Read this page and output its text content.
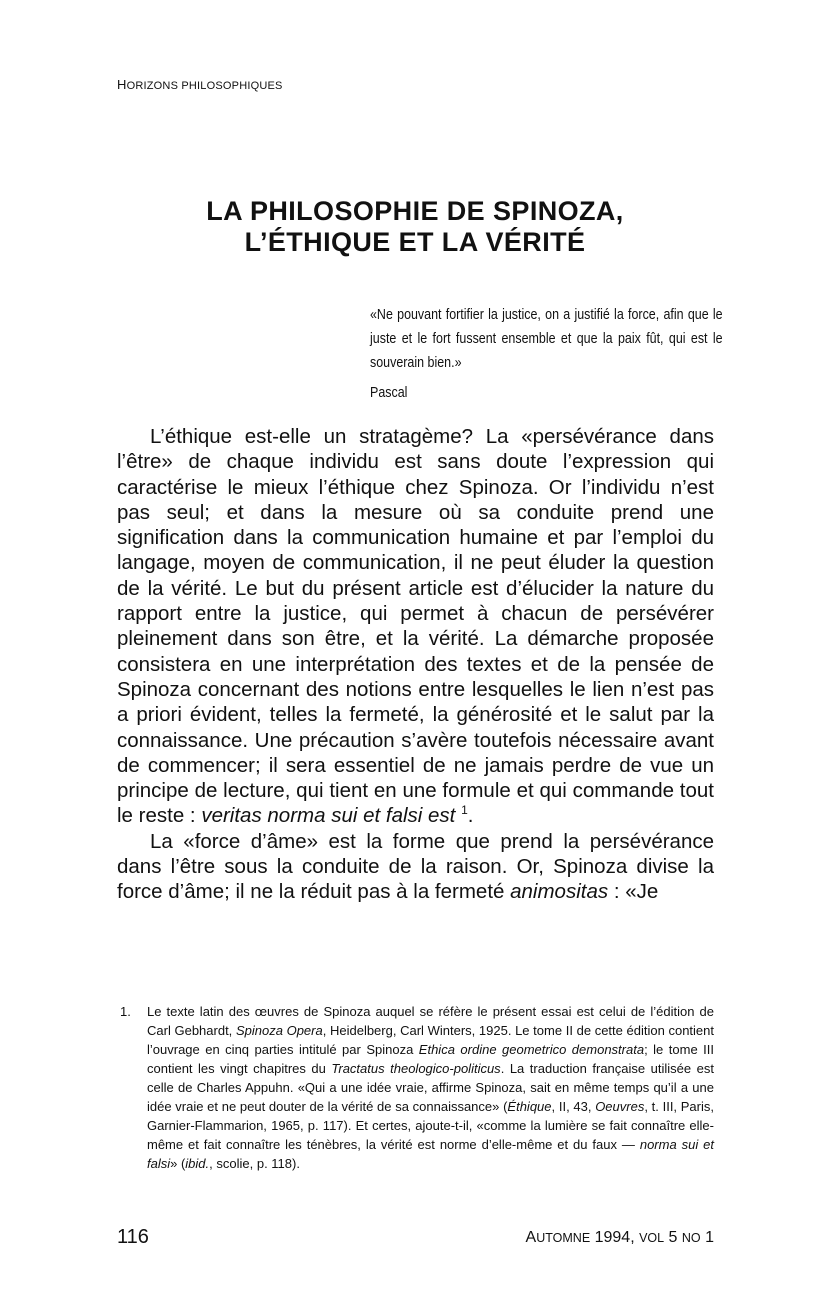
HORIZONS PHILOSOPHIQUES
LA PHILOSOPHIE DE SPINOZA,
L’ÉTHIQUE ET LA VÉRITÉ
«Ne pouvant fortifier la justice, on a justifié la force, afin que le juste et le fort fussent ensemble et que la paix fût, qui est le souverain bien.»
Pascal

L’éthique est-elle un stratagème? La «persévérance dans l’être» de chaque individu est sans doute l’expression qui caractérise le mieux l’éthique chez Spinoza. Or l’individu n’est pas seul; et dans la mesure où sa conduite prend une signification dans la communication humaine et par l’emploi du langage, moyen de communication, il ne peut éluder la question de la vérité. Le but du présent article est d’élucider la nature du rapport entre la justice, qui permet à chacun de persévérer pleinement dans son être, et la vérité. La démarche proposée consistera en une interprétation des textes et de la pensée de Spinoza concernant des notions entre lesquelles le lien n’est pas a priori évident, telles la fermeté, la générosité et le salut par la connaissance. Une précaution s’avère toutefois nécessaire avant de commencer; il sera essentiel de ne jamais perdre de vue un principe de lecture, qui tient en une formule et qui commande tout le reste : veritas norma sui et falsi est $^1$.

La «force d’âme» est la forme que prend la persévérance dans l’être sous la conduite de la raison. Or, Spinoza divise la force d’âme; il ne la réduit pas à la fermeté animositas : «Je

1. Le texte latin des œuvres de Spinoza auquel se réfère le présent essai est celui de l’édition de Carl Gebhardt, Spinoza Opera, Heidelberg, Carl Winters, 1925. Le tome II de cette édition contient l’ouvrage en cinq parties intitulé par Spinoza Ethica ordine geometrico demonstrata; le tome III contient les vingt chapitres du Tractatus theologico-politicus. La traduction française utilisée est celle de Charles Appuhn. «Qui a une idée vraie, affirme Spinoza, sait en même temps qu’il a une idée vraie et ne peut douter de la vérité de sa connaissance» (Éthique, II, 43, Oeuvres, t. III, Paris, Garnier-Flammarion, 1965, p. 117). Et certes, ajoute-t-il, «comme la lumière se fait connaître elle-même et fait connaître les ténèbres, la vérité est norme d’elle-même et du faux — norma sui et falsi» (ibid., scolie, p. 118).
116	AUTOMNE 1994, VOL 5 NO 1
